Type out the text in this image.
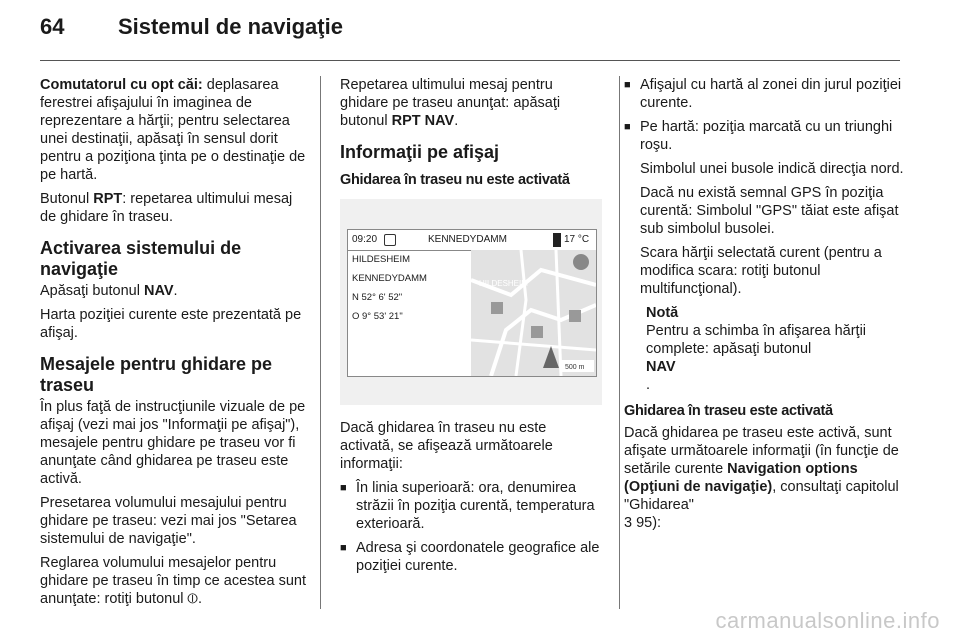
64 Sistemul de navigaţie

Comutatorul cu opt căi: deplasarea ferestrei afişajului în imaginea de reprezentare a hărţii; pentru selectarea unei destinaţii, apăsaţi în sensul dorit pentru a poziţiona ţinta pe o destinaţie de pe hartă.

Butonul RPT: repetarea ultimului mesaj de ghidare în traseu.

Activarea sistemului de navigaţie

Apăsaţi butonul NAV.

Harta poziţiei curente este prezentată pe afişaj.

Mesajele pentru ghidare pe traseu

În plus faţă de instrucţiunile vizuale de pe afişaj (vezi mai jos "Informaţii pe afişaj"), mesajele pentru ghidare pe traseu vor fi anunţate când ghidarea pe traseu este activă.

Presetarea volumului mesajului pentru ghidare pe traseu: vezi mai jos "Setarea sistemului de navigaţie".

Reglarea volumului mesajelor pentru ghidare pe traseu în timp ce acestea sunt anunţate: rotiţi butonul ⦶.

Repetarea ultimului mesaj pentru ghidare pe traseu anunţat: apăsaţi butonul RPT NAV.

Informaţii pe afişaj
Ghidarea în traseu nu este activată
09:20	KENNEDYDAMM	17 °C
HILDESHEIM
KENNEDYDAMM
N 52° 6' 52"
O 9° 53' 21"
HILDESHEIM
500 m

Dacă ghidarea în traseu nu este activată, se afişează următoarele informaţii:

■ În linia superioară: ora, denumirea străzii în poziţia curentă, temperatura exterioară.
■ Adresa şi coordonatele geografice ale poziţiei curente.
■ Afişajul cu hartă al zonei din jurul poziţiei curente.
■ Pe hartă: poziţia marcată cu un triunghi roşu.
Simbolul unei busole indică direcţia nord.
Dacă nu există semnal GPS în poziţia curentă: Simbolul "GPS" tăiat este afişat sub simbolul busolei.
Scara hărţii selectată curent (pentru a modifica scara: rotiţi butonul multifuncţional).
Notă
Pentru a schimba în afişarea hărţii complete: apăsaţi butonul
NAV
.
Ghidarea în traseu este activată

Dacă ghidarea pe traseu este activă, sunt afişate următoarele informaţii (în funcţie de setările curente Navigation options (Opţiuni de navigaţie), consultaţi capitolul "Ghidarea"
3 95):

carmanualsonline.info
